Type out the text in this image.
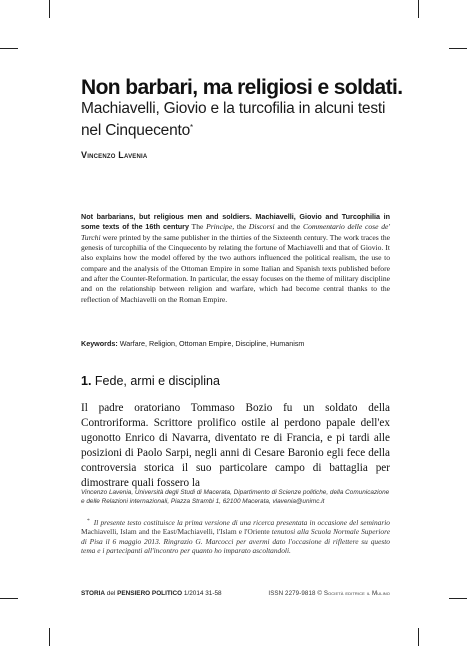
Non barbari, ma religiosi e soldati.
Machiavelli, Giovio e la turcofilia in alcuni testi nel Cinquecento*
Vincenzo Lavenia
Not barbarians, but religious men and soldiers. Machiavelli, Giovio and Turcophilia in some texts of the 16th century The Principe, the Discorsi and the Commentario delle cose de' Turchi were printed by the same publisher in the thirties of the Sixteenth century. The work traces the genesis of turcophilia of the Cinquecento by relating the fortune of Machiavelli and that of Giovio. It also explains how the model offered by the two authors influenced the political realism, the use to compare and the analysis of the Ottoman Empire in some Italian and Spanish texts published before and after the Counter-Reformation. In particular, the essay focuses on the theme of military discipline and on the relationship between religion and warfare, which had become central thanks to the reflection of Machiavelli on the Roman Empire.
Keywords: Warfare, Religion, Ottoman Empire, Discipline, Humanism
1. Fede, armi e disciplina
Il padre oratoriano Tommaso Bozio fu un soldato della Controriforma. Scrittore prolifico ostile al perdono papale dell'ex ugonotto Enrico di Navarra, diventato re di Francia, e pi tardi alle posizioni di Paolo Sarpi, negli anni di Cesare Baronio egli fece della controversia storica il suo particolare campo di battaglia per dimostrare quali fossero la
Vincenzo Lavenia, Università degli Studi di Macerata, Dipartimento di Scienze politiche, della Comunicazione e delle Relazioni internazionali, Piazza Strambi 1, 62100 Macerata, vlavenia@unimc.it
* Il presente testo costituisce la prima versione di una ricerca presentata in occasione del seminario Machiavelli, Islam and the East/Machiavelli, l'Islam e l'Oriente tenutosi alla Scuola Normale Superiore di Pisa il 6 maggio 2013. Ringrazio G. Marcocci per avermi dato l'occasione di riflettere su questo tema e i partecipanti all'incontro per quanto ho imparato ascoltandoli.
STORIA del PENSIERO POLITICO 1/2014 31-58	ISSN 2279-9818 © Società editrice il Mulino
